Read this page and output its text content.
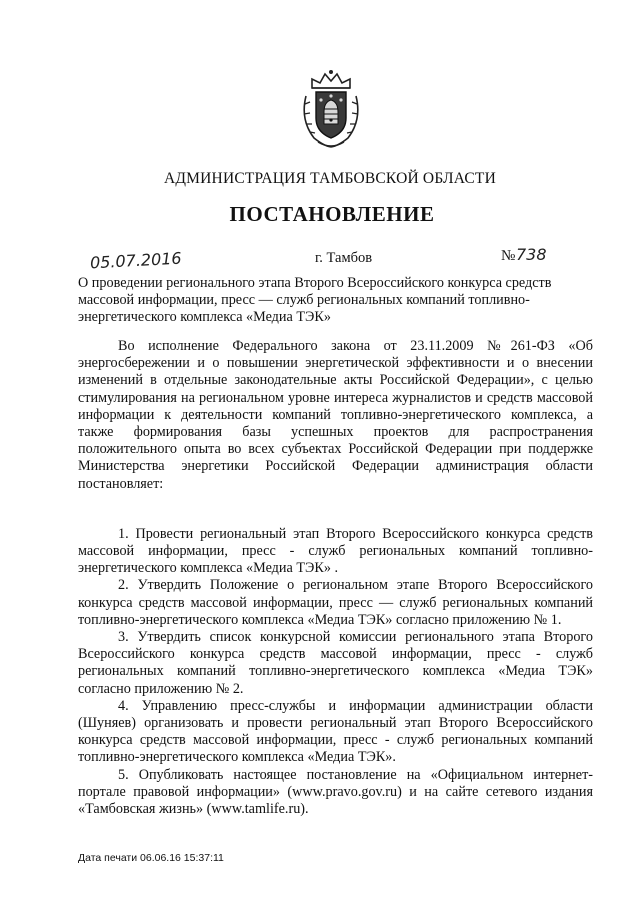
АДМИНИСТРАЦИЯ ТАМБОВСКОЙ ОБЛАСТИ
ПОСТАНОВЛЕНИЕ
05.07.2016	г. Тамбов	№ 738
О проведении регионального этапа Второго Всероссийского конкурса средств массовой информации, пресс — служб региональных компаний топливно-энергетического комплекса «Медиа ТЭК»

Во исполнение Федерального закона от 23.11.2009 №261-ФЗ «Об энергосбережении и о повышении энергетической эффективности и о внесении изменений в отдельные законодательные акты Российской Федерации», с целью стимулирования на региональном уровне интереса журналистов и средств массовой информации к деятельности компаний топливно-энергетического комплекса, а также формирования базы успешных проектов для распространения положительного опыта во всех субъектах Российской Федерации при поддержке Министерства энергетики Российской Федерации администрация области постановляет:

1. Провести региональный этап Второго Всероссийского конкурса средств массовой информации, пресс - служб региональных компаний топливно-энергетического комплекса «Медиа ТЭК» .

2. Утвердить Положение о региональном этапе Второго Всероссийского конкурса средств массовой информации, пресс — служб региональных компаний топливно-энергетического комплекса «Медиа ТЭК» согласно приложению № 1.

3. Утвердить список конкурсной комиссии регионального этапа Второго Всероссийского конкурса средств массовой информации, пресс - служб региональных компаний топливно-энергетического комплекса «Медиа ТЭК» согласно приложению № 2.

4. Управлению пресс-службы и информации администрации области (Шуняев) организовать и провести региональный этап Второго Всероссийского конкурса средств массовой информации, пресс - служб региональных компаний топливно-энергетического комплекса «Медиа ТЭК».

5. Опубликовать настоящее постановление на «Официальном интернет-портале правовой информации» (www.pravo.gov.ru) и на сайте сетевого издания «Тамбовская жизнь» (www.tamlife.ru).

Дата печати 06.06.16 15:37:11
